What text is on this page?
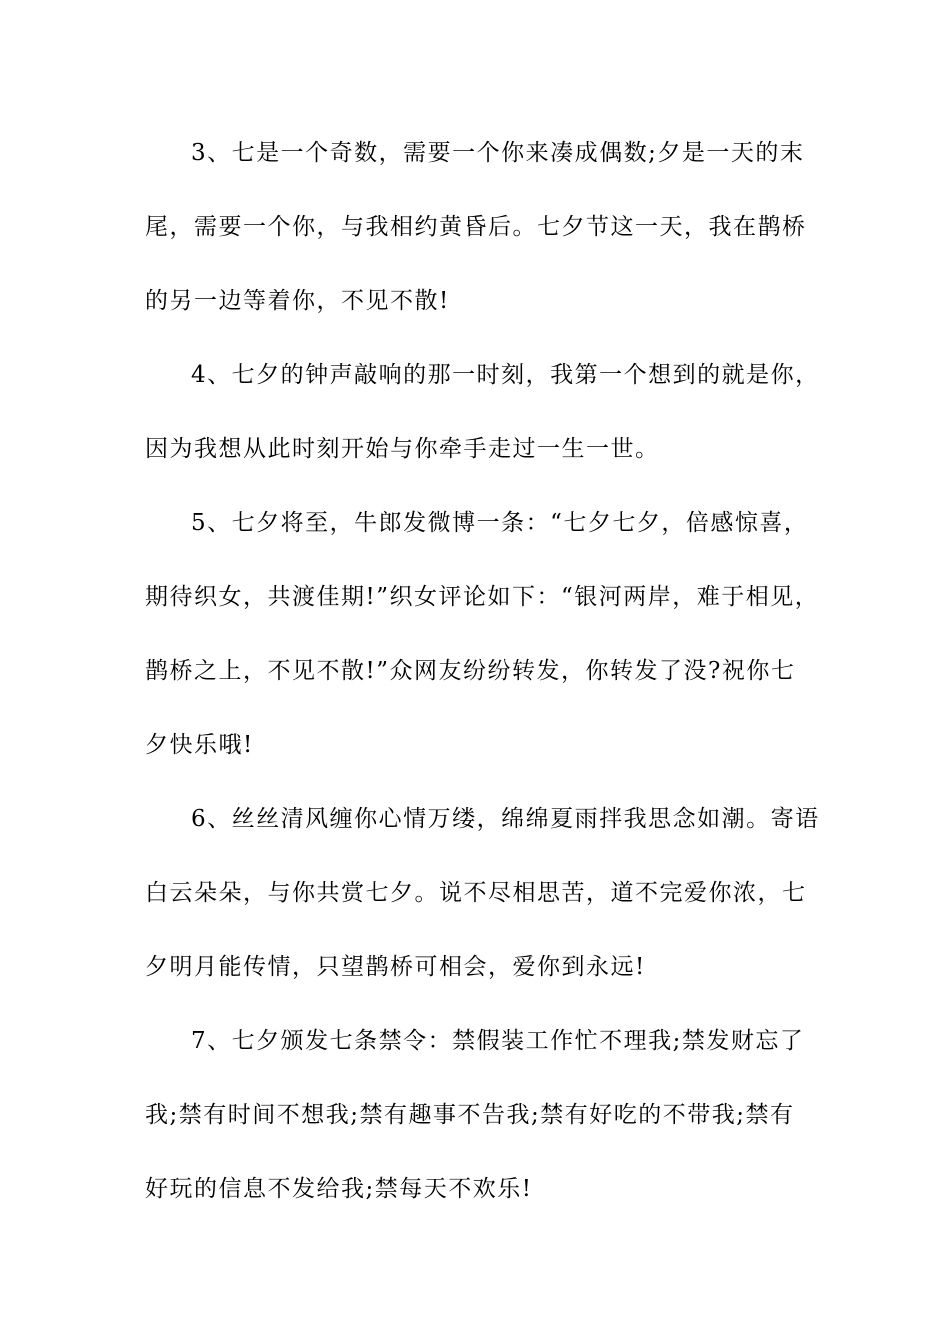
3、七是一个奇数，需要一个你来凑成偶数;夕是一天的末
尾，需要一个你，与我相约黄昏后。七夕节这一天，我在鹊桥
的另一边等着你，不见不散!
4、七夕的钟声敲响的那一时刻，我第一个想到的就是你，
因为我想从此时刻开始与你牵手走过一生一世。
5、七夕将至，牛郎发微博一条：“七夕七夕，倍感惊喜，
期待织女，共渡佳期!”织女评论如下：“银河两岸，难于相见，
鹊桥之上，不见不散!”众网友纷纷转发，你转发了没?祝你七
夕快乐哦!
6、丝丝清风缠你心情万缕，绵绵夏雨拌我思念如潮。寄语
白云朵朵，与你共赏七夕。说不尽相思苦，道不完爱你浓，七
夕明月能传情，只望鹊桥可相会，爱你到永远!
7、七夕颁发七条禁令：禁假装工作忙不理我;禁发财忘了
我;禁有时间不想我;禁有趣事不告我;禁有好吃的不带我;禁有
好玩的信息不发给我;禁每天不欢乐!
